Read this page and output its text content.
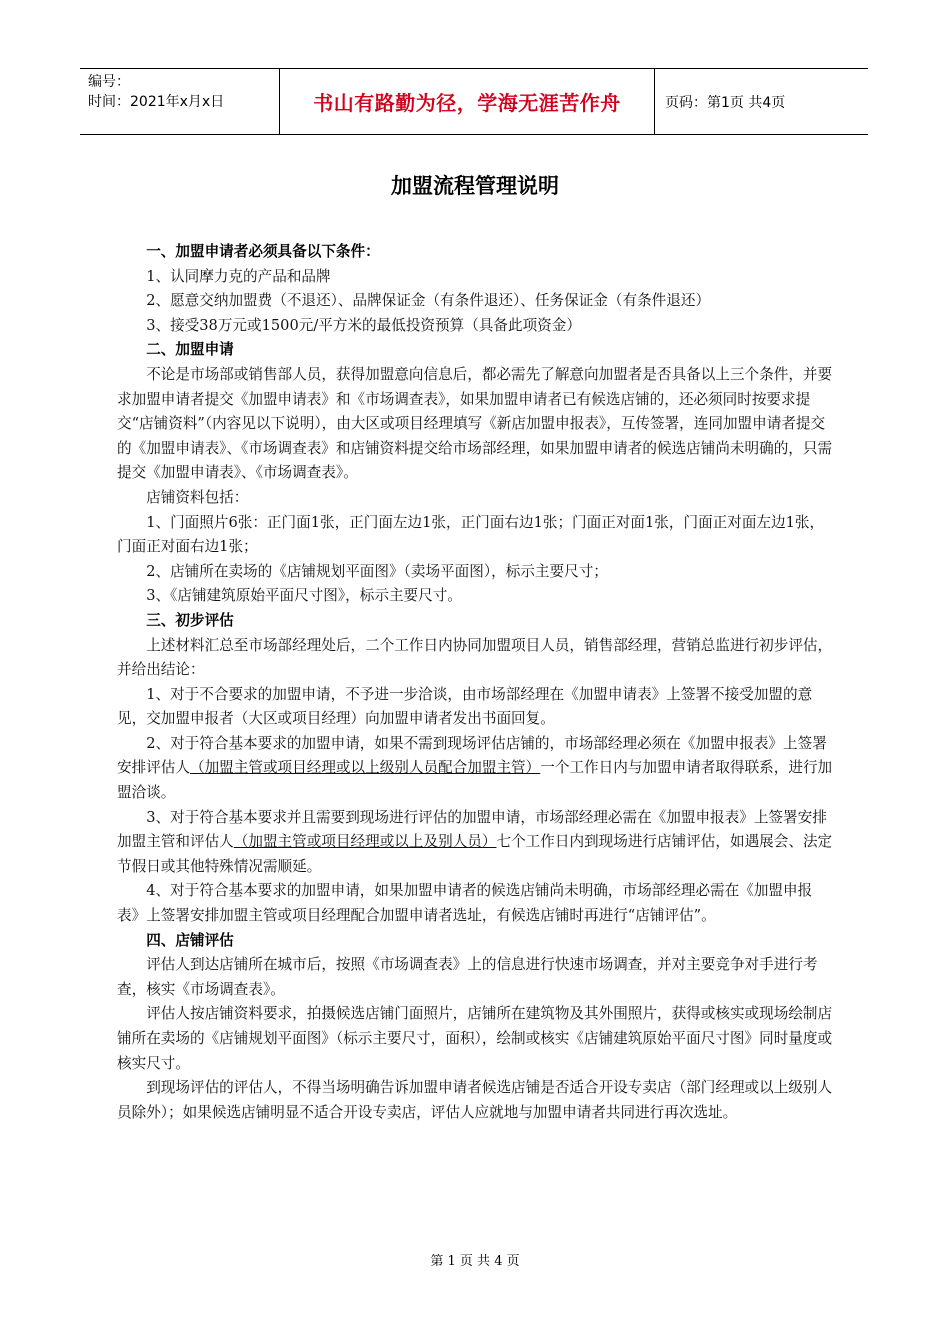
编号：
时间：2021年x月x日	书山有路勤为径，学海无涯苦作舟	页码：第1页 共4页
加盟流程管理说明

一、加盟申请者必须具备以下条件：

1、认同摩力克的产品和品牌

2、愿意交纳加盟费（不退还）、品牌保证金（有条件退还）、任务保证金（有条件退还）

3、接受38万元或1500元/平方米的最低投资预算（具备此项资金）

二、加盟申请

不论是市场部或销售部人员，获得加盟意向信息后，都必需先了解意向加盟者是否具备以上三个条件，并要求加盟申请者提交《加盟申请表》和《市场调查表》，如果加盟申请者已有候选店铺的，还必须同时按要求提交“店铺资料”（内容见以下说明），由大区或项目经理填写《新店加盟申报表》，互传签署，连同加盟申请者提交的《加盟申请表》、《市场调查表》和店铺资料提交给市场部经理，如果加盟申请者的候选店铺尚未明确的，只需提交《加盟申请表》、《市场调查表》。

店铺资料包括：

1、门面照片6张：正门面1张，正门面左边1张，正门面右边1张；门面正对面1张，门面正对面左边1张，门面正对面右边1张；

2、店铺所在卖场的《店铺规划平面图》（卖场平面图），标示主要尺寸；

3、《店铺建筑原始平面尺寸图》，标示主要尺寸。

三、初步评估

上述材料汇总至市场部经理处后，二个工作日内协同加盟项目人员，销售部经理，营销总监进行初步评估，并给出结论：

1、对于不合要求的加盟申请，不予进一步洽谈，由市场部经理在《加盟申请表》上签署不接受加盟的意见，交加盟申报者（大区或项目经理）向加盟申请者发出书面回复。

2、对于符合基本要求的加盟申请，如果不需到现场评估店铺的，市场部经理必须在《加盟申报表》上签署安排评估人（加盟主管或项目经理或以上级别人员配合加盟主管）一个工作日内与加盟申请者取得联系，进行加盟洽谈。

3、对于符合基本要求并且需要到现场进行评估的加盟申请，市场部经理必需在《加盟申报表》上签署安排加盟主管和评估人（加盟主管或项目经理或以上及别人员）七个工作日内到现场进行店铺评估，如遇展会、法定节假日或其他特殊情况需顺延。

4、对于符合基本要求的加盟申请，如果加盟申请者的候选店铺尚未明确，市场部经理必需在《加盟申报表》上签署安排加盟主管或项目经理配合加盟申请者选址，有候选店铺时再进行“店铺评估”。

四、店铺评估

评估人到达店铺所在城市后，按照《市场调查表》上的信息进行快速市场调查，并对主要竞争对手进行考查，核实《市场调查表》。

评估人按店铺资料要求，拍摄候选店铺门面照片，店铺所在建筑物及其外围照片，获得或核实或现场绘制店铺所在卖场的《店铺规划平面图》（标示主要尺寸，面积），绘制或核实《店铺建筑原始平面尺寸图》同时量度或核实尺寸。

到现场评估的评估人，不得当场明确告诉加盟申请者候选店铺是否适合开设专卖店（部门经理或以上级别人员除外）；如果候选店铺明显不适合开设专卖店，评估人应就地与加盟申请者共同进行再次选址。

第 1 页 共 4 页
